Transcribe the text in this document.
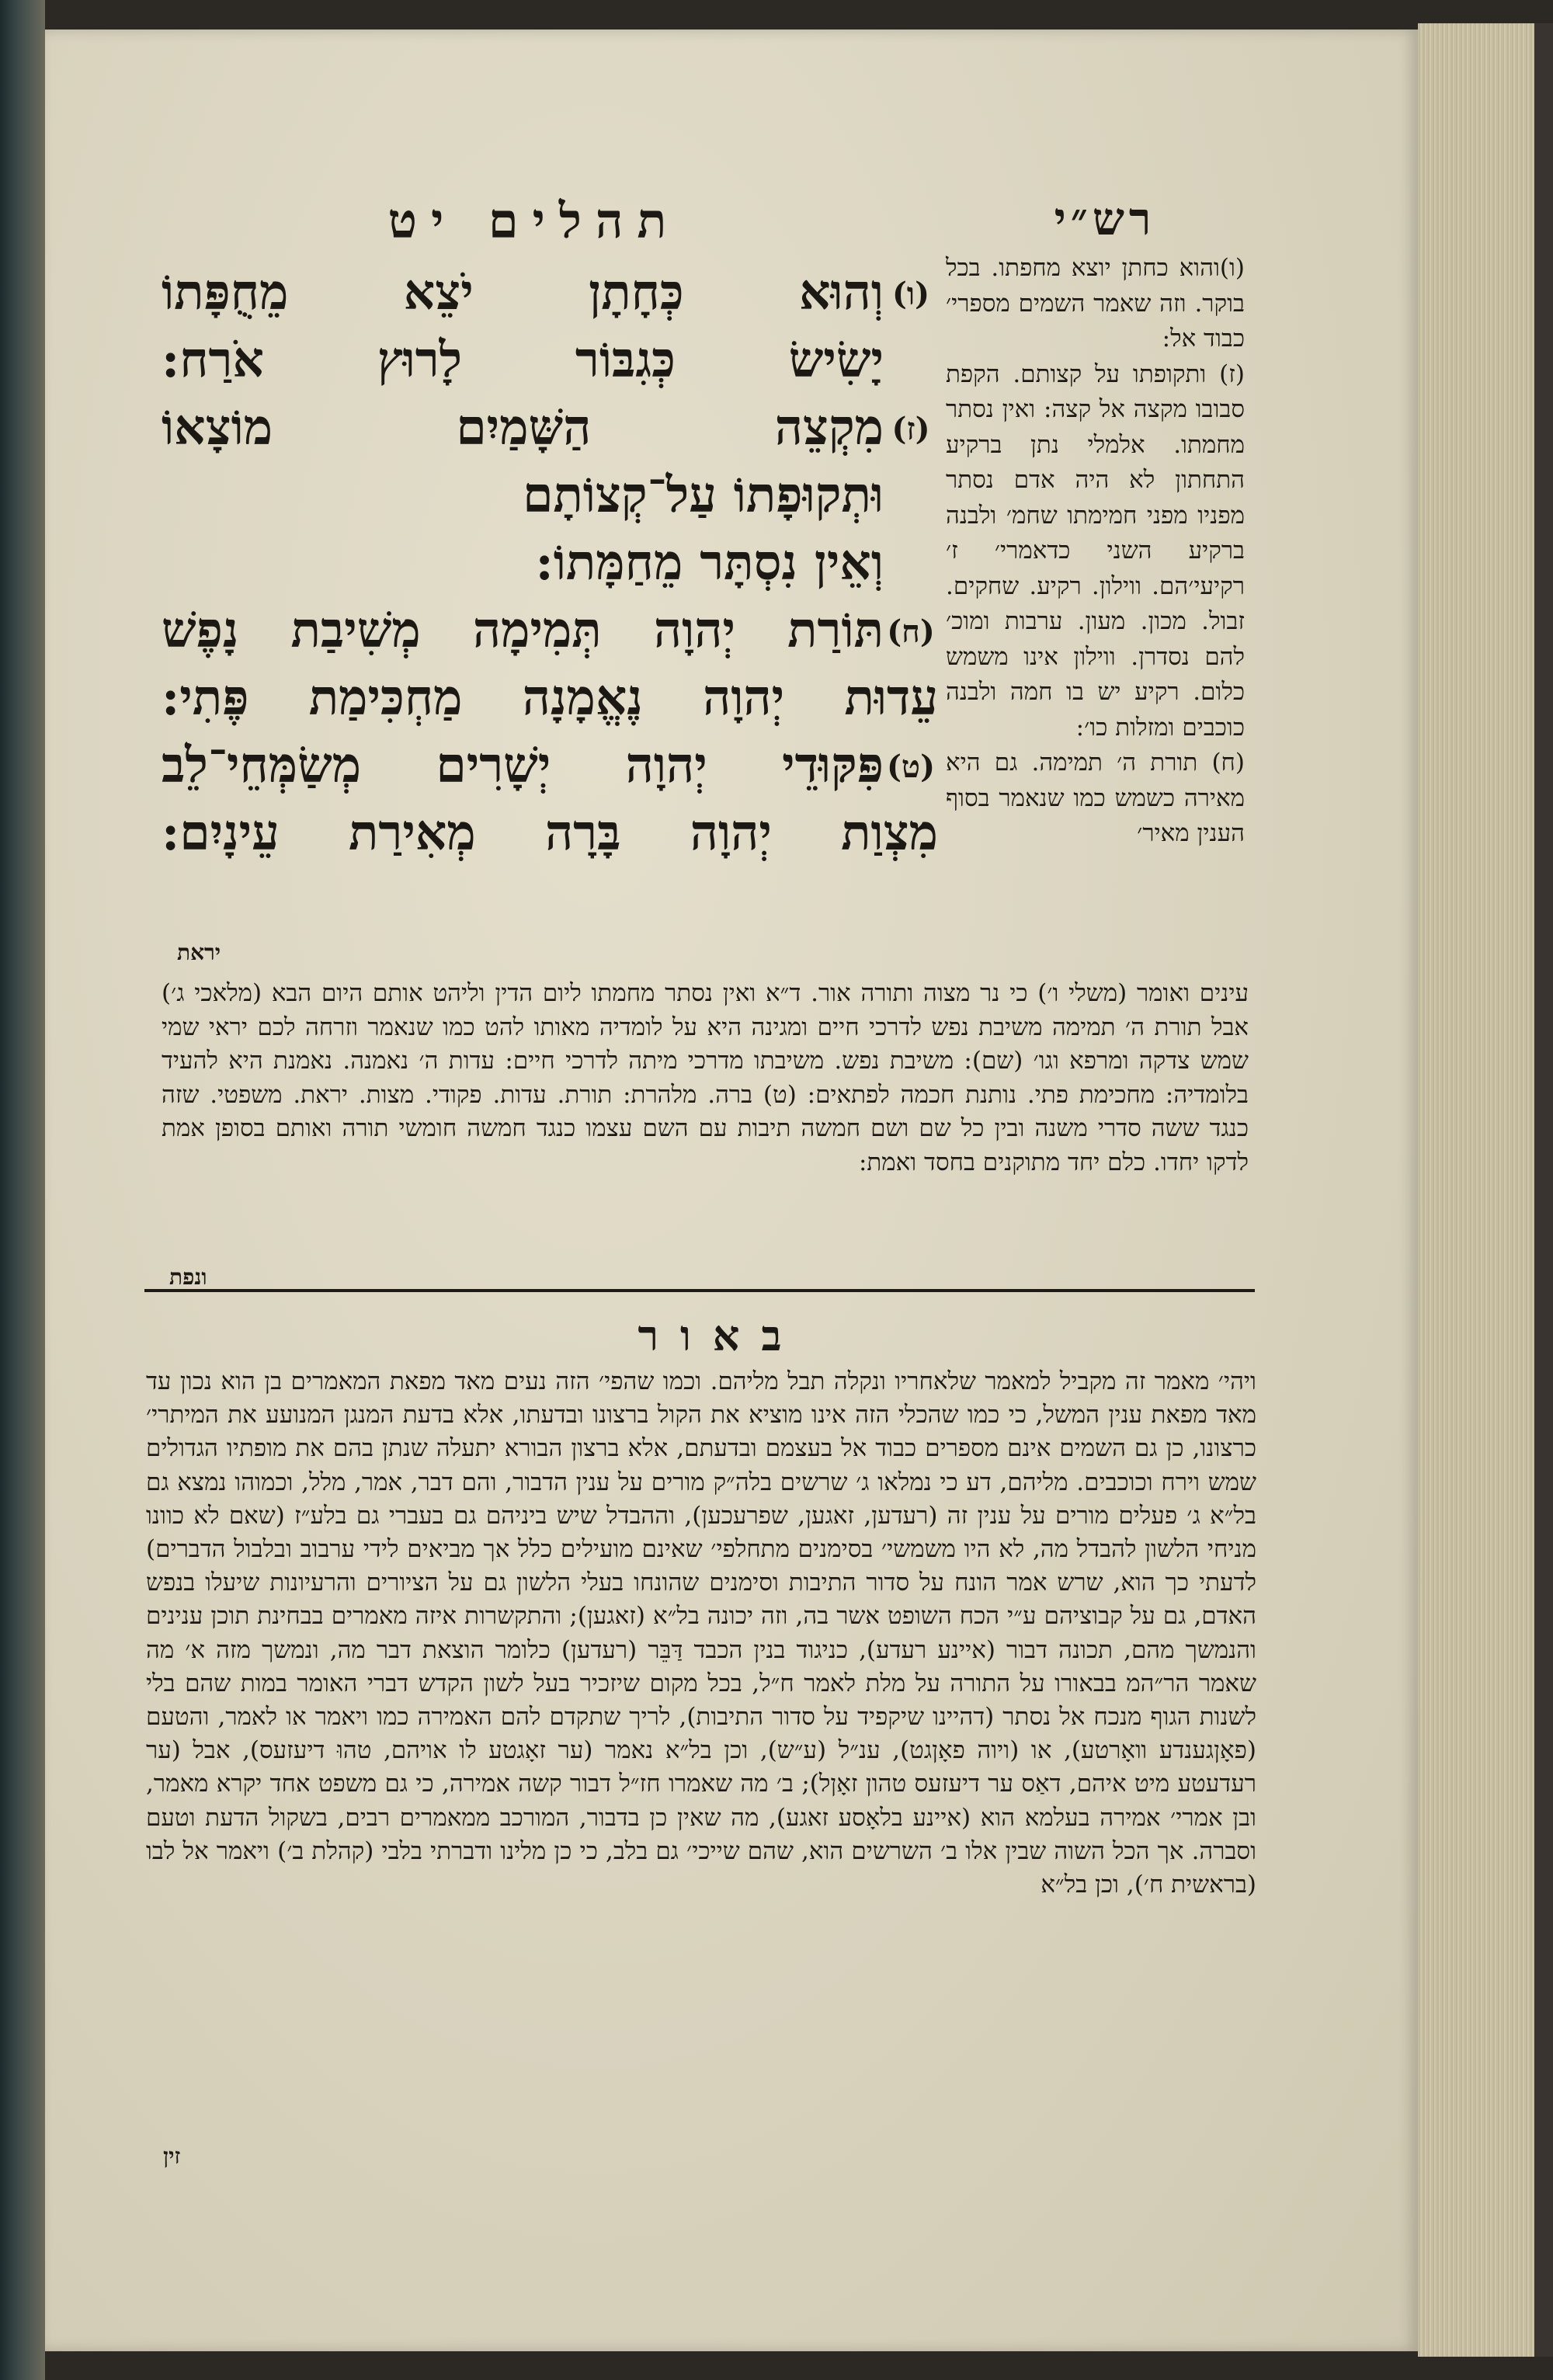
רש״י
תהלים יט

(ו)והוא כחתן יוצא מחפתו. בכל בוקר. וזה שאמר השמים מספרי׳ כבוד אל:

(ז) ותקופתו על קצותם. הקפת סבובו מקצה אל קצה: ואין נסתר מחמתו. אלמלי נתן ברקיע התחתון לא היה אדם נסתר מפניו מפני חמימתו שחמ׳ ולבנה ברקיע השני כדאמרי׳ ז׳ רקיעי׳הם. ווילון. רקיע. שחקים. זבול. מכון. מעון. ערבות ומוכ׳ להם נסדרן. ווילון אינו משמש כלום. רקיע יש בו חמה ולבנה כוכבים ומזלות כו׳:

(ח) תורת ה׳ תמימה. גם היא מאירה כשמש כמו שנאמר בסוף הענין מאיר׳

(ו)
וְהוּא כְּחָתָן יֹצֵא מֵחֻפָּתוֹ
יָשִׂישׂ כְּגִבּוֹר לָרוּץ אֹרַח:
(ז)
מִקְצֵה הַשָּׁמַיִם מוֹצָאוֹ
וּתְקוּפָתוֹ עַל־קְצוֹתָם
וְאֵין נִסְתָּר מֵחַמָּתוֹ:
(ח)
תּוֹרַת יְהוָה תְּמִימָה מְשִׁיבַת נָפֶשׁ
עֵדוּת יְהוָה נֶאֱמָנָה מַחְכִּימַת פֶּתִי:
(ט)
פִּקּוּדֵי יְהוָה יְשָׁרִים מְשַׂמְּחֵי־לֵב
מִצְוַת יְהוָה בָּרָה מְאִירַת עֵינָיִם:
יראת

עינים ואומר (משלי ו׳) כי נר מצוה ותורה אור. ד״א ואין נסתר מחמתו ליום הדין וליהט אותם היום הבא (מלאכי ג׳) אבל תורת ה׳ תמימה משיבת נפש לדרכי חיים ומגינה היא על לומדיה מאותו להט כמו שנאמר וזרחה לכם יראי שמי שמש צדקה ומרפא וגו׳ (שם): משיבת נפש. משיבתו מדרכי מיתה לדרכי חיים: עדות ה׳ נאמנה. נאמנת היא להעיד בלומדיה: מחכימת פתי. נותנת חכמה לפתאים: (ט) ברה. מלהרת: תורת. עדות. פקודי. מצות. יראת. משפטי. שזה כנגד ששה סדרי משנה ובין כל שם ושם חמשה תיבות עם השם עצמו כנגד חמשה חומשי תורה ואותם בסופן אמת לדקו יחדו. כלם יחד מתוקנים בחסד ואמת:

ונפת
באור

ויהי׳ מאמר זה מקביל למאמר שלאחריו ונקלה תבל מליהם. וכמו שהפי׳ הזה נעים מאד מפאת המאמרים בן הוא נכון עד מאד מפאת ענין המשל, כי כמו שהכלי הזה אינו מוציא את הקול ברצונו ובדעתו, אלא בדעת המנגן המנועע את המיתרי׳ כרצונו, כן גם השמים אינם מספרים כבוד אל בעצמם ובדעתם, אלא ברצון הבורא יתעלה שנתן בהם את מופתיו הגדולים שמש וירח וכוכבים. מליהם, דע כי נמלאו ג׳ שרשים בלה״ק מורים על ענין הדבור, והם דבר, אמר, מלל, וכמוהו נמצא גם בל״א ג׳ פעלים מורים על ענין זה (רעדען, זאגען, שפרעכען), וההבדל שיש ביניהם גם בעברי גם בלע״ז (שאם לא כוונו מניחי הלשון להבדל מה, לא היו משמשי׳ בסימנים מתחלפי׳ שאינם מועילים כלל אך מביאים לידי ערבוב ובלבול הדברים) לדעתי כך הוא, שרש אמר הונח על סדור התיבות וסימנים שהונחו בעלי הלשון גם על הציורים והרעיונות שיעלו בנפש האדם, גם על קבוציהם ע״י הכח השופט אשר בה, וזה יכונה בל״א (זאגען); והתקשרות איזה מאמרים בבחינת תוכן ענינים והנמשך מהם, תכונה דבור (איינע רעדע), כניגוד בנין הכבד דַּבֵּר (רעדען) כלומר הוצאת דבר מה, ונמשך מזה א׳ מה שאמר הר״המ בבאורו על התורה על מלת לאמר ח״ל, בכל מקום שיזכיר בעל לשון הקדש דברי האומר במות שהם בלי לשנות הגוף מנכח אל נסתר (דהיינו שיקפיד על סדור התיבות), לריך שתקדם להם האמירה כמו ויאמר או לאמר, והטעם (פאָןגענדע װאָרטע), או (ויוה פאָןגט), ענ״ל (ע״ש), וכן בל״א נאמר (ער זאָגטע לו אויהם, טהוּ דיעזעס), אבל (ער רעדעטע מיט איהם, דאַס ער דיעזעס טהון זאָןל); ב׳ מה שאמרו חז״ל דבור קשה אמירה, כי גם משפט אחד יקרא מאמר, ובן אמרי׳ אמירה בעלמא הוא (איינע בלאָסע זאגע), מה שאין כן בדבור, המורכב ממאמרים רבים, בשקול הדעת וטעם וסברה. אך הכל השוה שבין אלו ב׳ השרשים הוא, שהם שייכי׳ גם בלב, כי כן מלינו ודברתי בלבי (קהלת ב׳) ויאמר אל לבו (בראשית ח׳), וכן בל״א

זין
